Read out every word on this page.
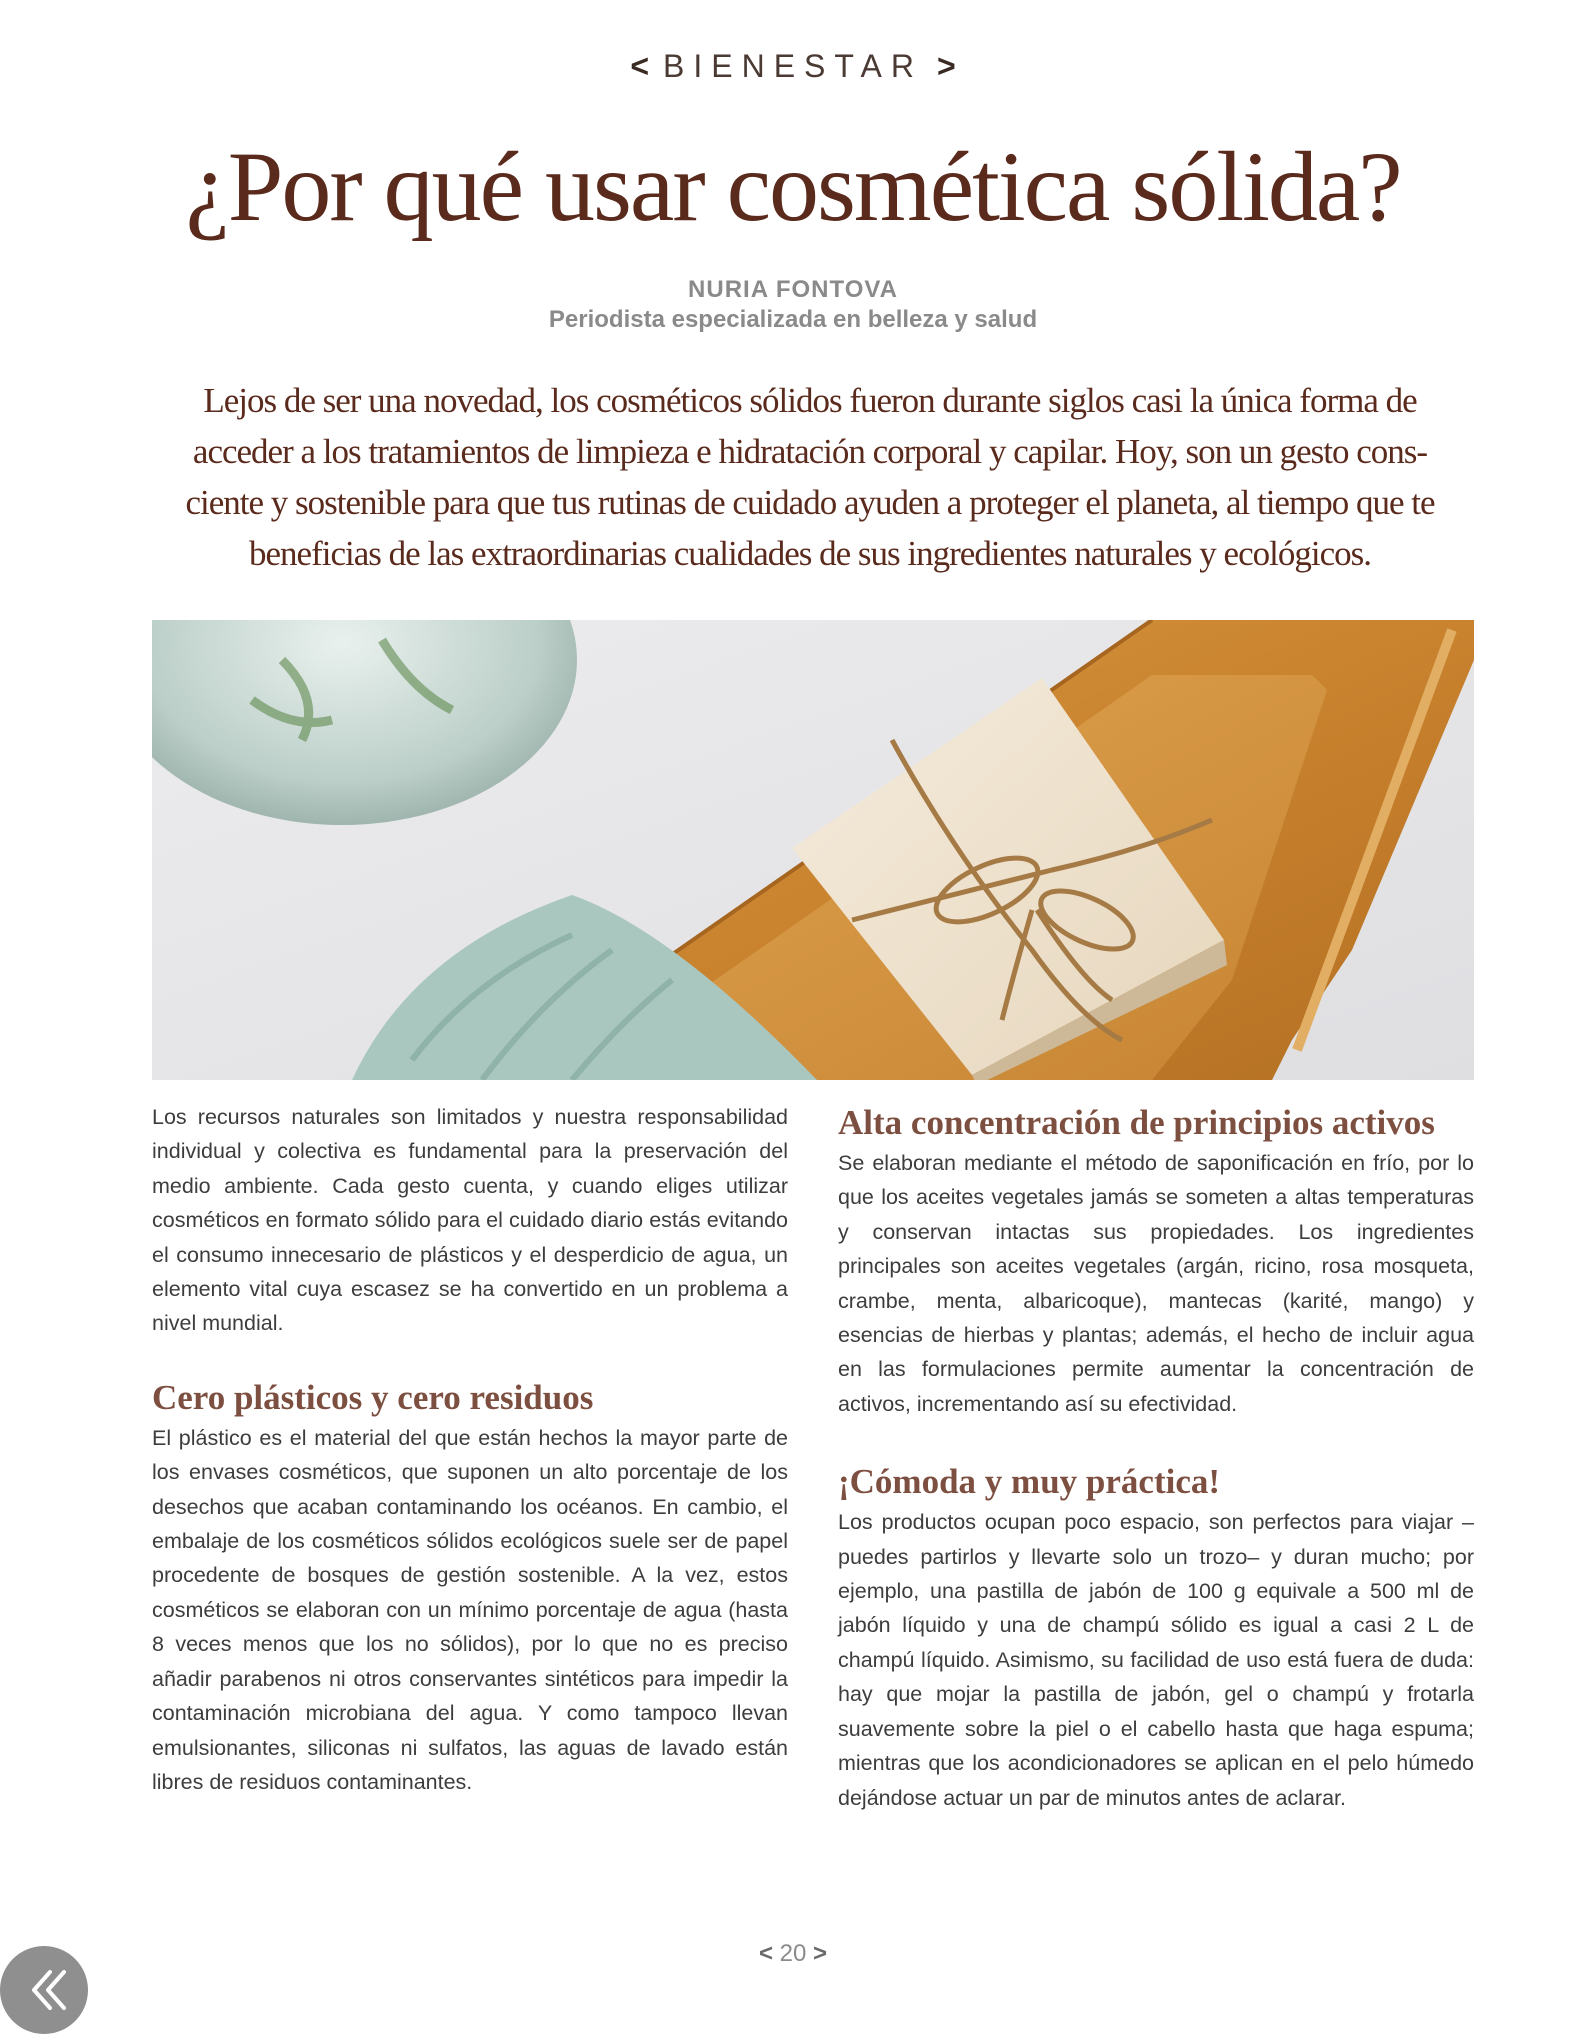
< BIENESTAR >
¿Por qué usar cosmética sólida?
NURIA FONTOVA
Periodista especializada en belleza y salud
Lejos de ser una novedad, los cosméticos sólidos fueron durante siglos casi la única forma de
acceder a los tratamientos de limpieza e hidratación corporal y capilar. Hoy, son un gesto cons-
ciente y sostenible para que tus rutinas de cuidado ayuden a proteger el planeta, al tiempo que te
beneficias de las extraordinarias cualidades de sus ingredientes naturales y ecológicos.

Los recursos naturales son limitados y nuestra responsabilidad individual y colectiva es fundamental para la preservación del medio ambiente. Cada gesto cuenta, y cuando eliges utilizar cosméticos en formato sólido para el cuidado diario estás evitando el consumo innecesario de plásticos y el desperdicio de agua, un elemento vital cuya escasez se ha convertido en un problema a nivel mundial.

Cero plásticos y cero residuos

El plástico es el material del que están hechos la mayor parte de los envases cosméticos, que suponen un alto porcentaje de los desechos que acaban contaminando los océanos. En cambio, el embalaje de los cosméticos sólidos ecológicos suele ser de papel procedente de bosques de gestión sostenible. A la vez, estos cosméticos se elaboran con un mínimo porcentaje de agua (hasta 8 veces menos que los no sólidos), por lo que no es preciso añadir parabenos ni otros conservantes sintéticos para impedir la contaminación microbiana del agua. Y como tampoco llevan emulsionantes, siliconas ni sulfatos, las aguas de lavado están libres de residuos contaminantes.

Alta concentración de principios activos

Se elaboran mediante el método de saponificación en frío, por lo que los aceites vegetales jamás se someten a altas temperaturas y conservan intactas sus propiedades. Los ingredientes principales son aceites vegetales (argán, ricino, rosa mosqueta, crambe, menta, albaricoque), mantecas (karité, mango) y esencias de hierbas y plantas; además, el hecho de incluir agua en las formulaciones permite aumentar la concentración de activos, incrementando así su efectividad.

¡Cómoda y muy práctica!

Los productos ocupan poco espacio, son perfectos para viajar –puedes partirlos y llevarte solo un trozo– y duran mucho; por ejemplo, una pastilla de jabón de 100 g equivale a 500 ml de jabón líquido y una de champú sólido es igual a casi 2 L de champú líquido. Asimismo, su facilidad de uso está fuera de duda: hay que mojar la pastilla de jabón, gel o champú y frotarla suavemente sobre la piel o el cabello hasta que haga espuma; mientras que los acondicionadores se aplican en el pelo húmedo dejándose actuar un par de minutos antes de aclarar.

< 20 >
